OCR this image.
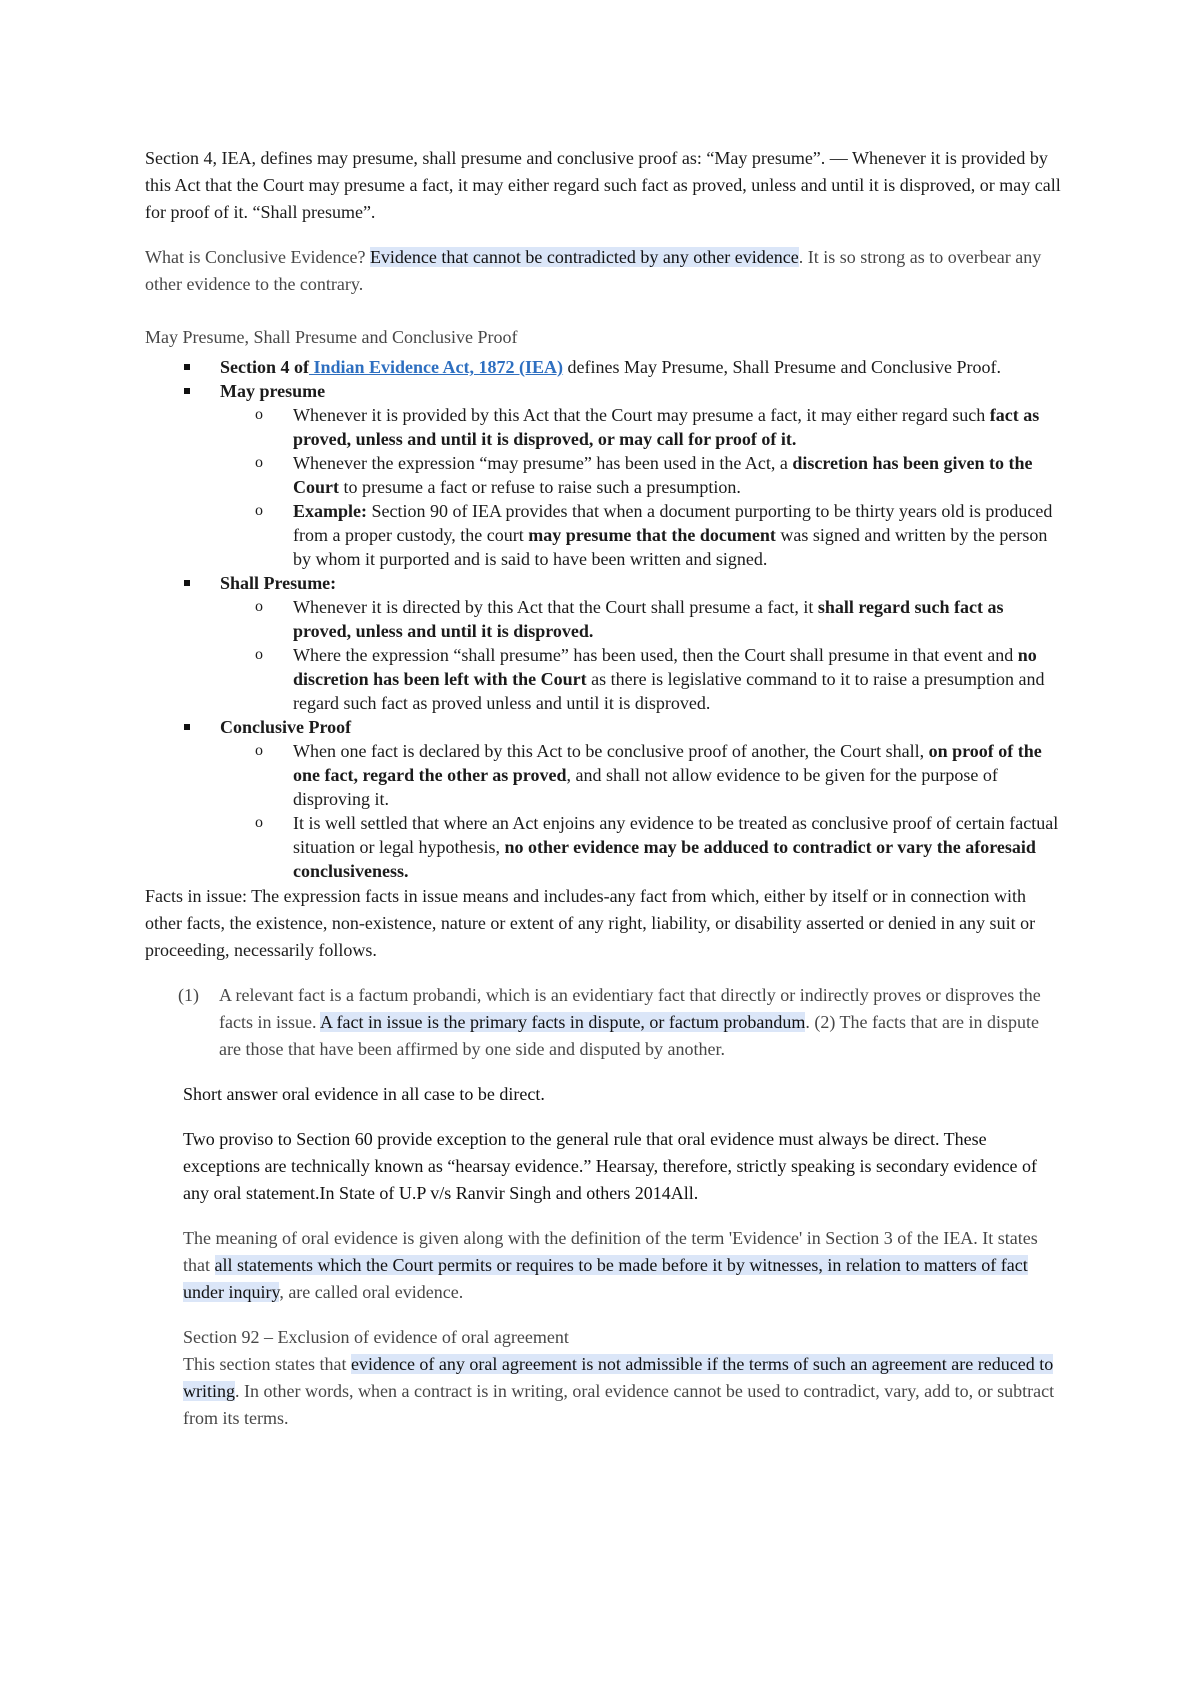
Section 4, IEA, defines may presume, shall presume and conclusive proof as: “May presume”. — Whenever it is provided by this Act that the Court may presume a fact, it may either regard such fact as proved, unless and until it is disproved, or may call for proof of it. “Shall presume”.

What is Conclusive Evidence? Evidence that cannot be contradicted by any other evidence. It is so strong as to overbear any other evidence to the contrary.

May Presume, Shall Presume and Conclusive Proof

Section 4 of Indian Evidence Act, 1872 (IEA) defines May Presume, Shall Presume and Conclusive Proof.
May presume
o Whenever it is provided by this Act that the Court may presume a fact, it may either regard such fact as proved, unless and until it is disproved, or may call for proof of it.
o Whenever the expression “may presume” has been used in the Act, a discretion has been given to the Court to presume a fact or refuse to raise such a presumption.
o Example: Section 90 of IEA provides that when a document purporting to be thirty years old is produced from a proper custody, the court may presume that the document was signed and written by the person by whom it purported and is said to have been written and signed.
Shall Presume:
o Whenever it is directed by this Act that the Court shall presume a fact, it shall regard such fact as proved, unless and until it is disproved.
o Where the expression “shall presume” has been used, then the Court shall presume in that event and no discretion has been left with the Court as there is legislative command to it to raise a presumption and regard such fact as proved unless and until it is disproved.
Conclusive Proof
o When one fact is declared by this Act to be conclusive proof of another, the Court shall, on proof of the one fact, regard the other as proved, and shall not allow evidence to be given for the purpose of disproving it.
o It is well settled that where an Act enjoins any evidence to be treated as conclusive proof of certain factual situation or legal hypothesis, no other evidence may be adduced to contradict or vary the aforesaid conclusiveness.

Facts in issue: The expression facts in issue means and includes-any fact from which, either by itself or in connection with other facts, the existence, non-existence, nature or extent of any right, liability, or disability asserted or denied in any suit or proceeding, necessarily follows.

(1) A relevant fact is a factum probandi, which is an evidentiary fact that directly or indirectly proves or disproves the facts in issue. A fact in issue is the primary facts in dispute, or factum probandum. (2) The facts that are in dispute are those that have been affirmed by one side and disputed by another.

Short answer oral evidence in all case to be direct.

Two proviso to Section 60 provide exception to the general rule that oral evidence must always be direct. These exceptions are technically known as “hearsay evidence.” Hearsay, therefore, strictly speaking is secondary evidence of any oral statement.In State of U.P v/s Ranvir Singh and others 2014All.

The meaning of oral evidence is given along with the definition of the term 'Evidence' in Section 3 of the IEA. It states that all statements which the Court permits or requires to be made before it by witnesses, in relation to matters of fact under inquiry, are called oral evidence.

Section 92 – Exclusion of evidence of oral agreement

This section states that evidence of any oral agreement is not admissible if the terms of such an agreement are reduced to writing. In other words, when a contract is in writing, oral evidence cannot be used to contradict, vary, add to, or subtract from its terms.
